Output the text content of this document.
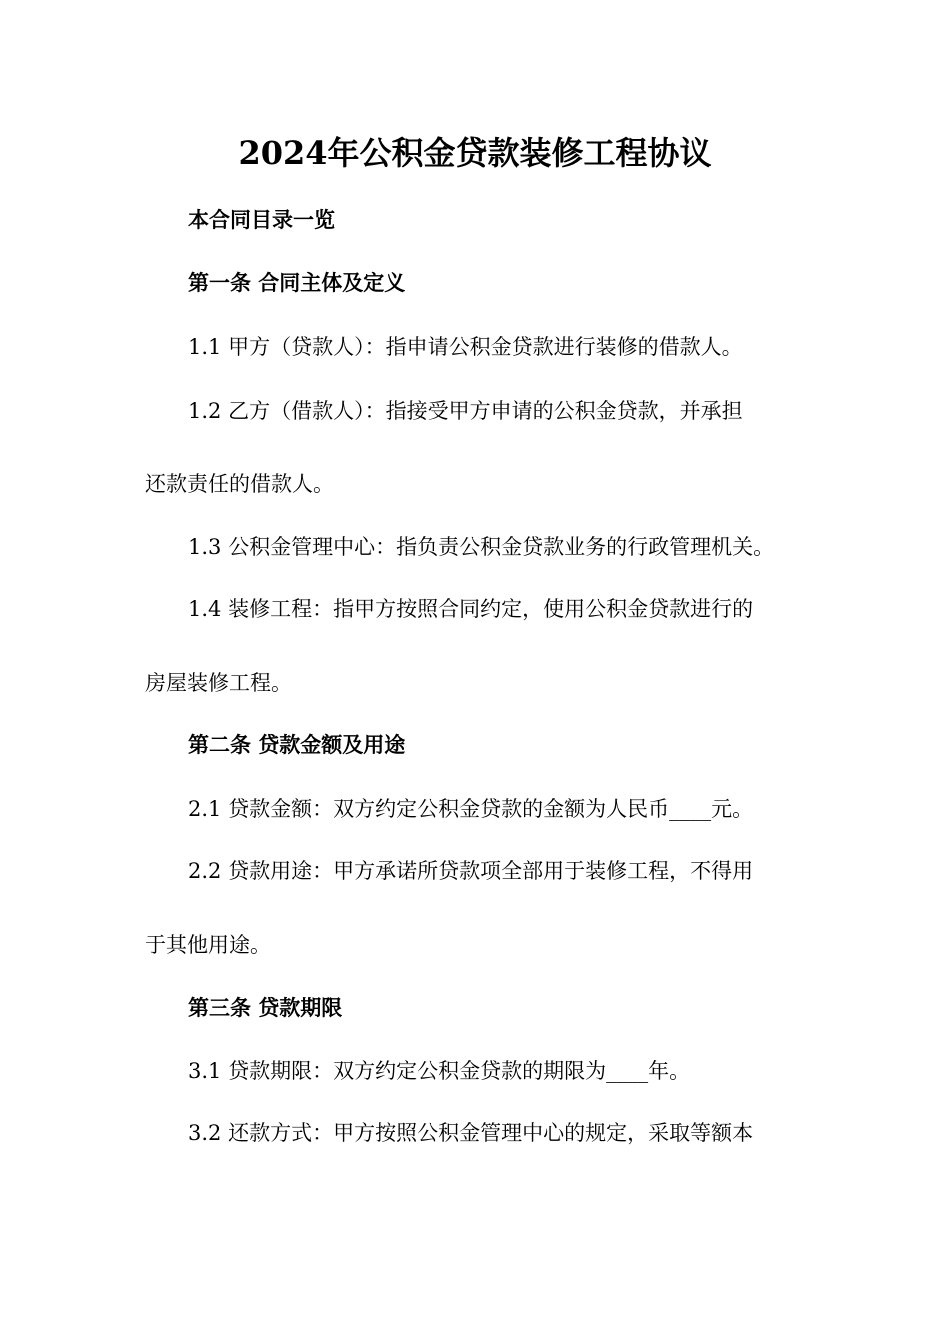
2024年公积金贷款装修工程协议
本合同目录一览
第一条 合同主体及定义
1.1 甲方（贷款人）：指申请公积金贷款进行装修的借款人。
1.2 乙方（借款人）：指接受甲方申请的公积金贷款，并承担
还款责任的借款人。
1.3 公积金管理中心：指负责公积金贷款业务的行政管理机关。
1.4 装修工程：指甲方按照合同约定，使用公积金贷款进行的
房屋装修工程。
第二条 贷款金额及用途
2.1 贷款金额：双方约定公积金贷款的金额为人民币____元。
2.2 贷款用途：甲方承诺所贷款项全部用于装修工程，不得用
于其他用途。
第三条 贷款期限
3.1 贷款期限：双方约定公积金贷款的期限为____年。
3.2 还款方式：甲方按照公积金管理中心的规定，采取等额本
